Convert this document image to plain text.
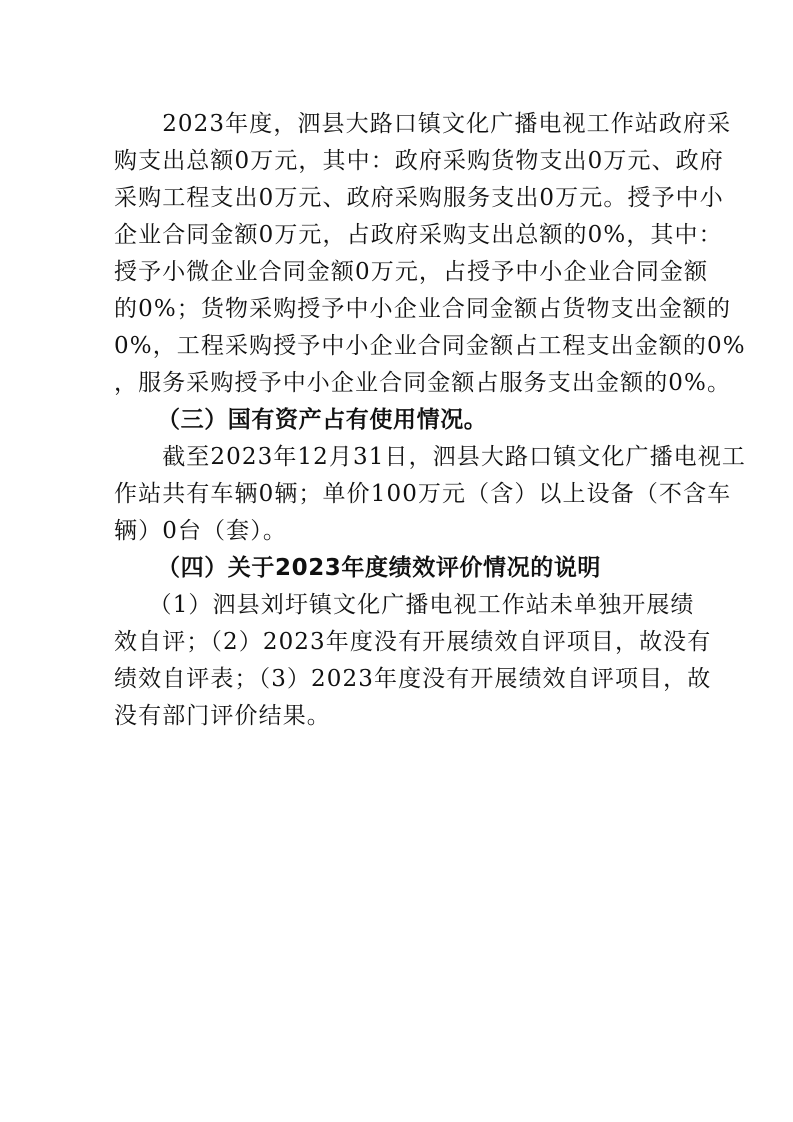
　　2023年度，泗县大路口镇文化广播电视工作站政府采
购支出总额0万元，其中：政府采购货物支出0万元、政府
采购工程支出0万元、政府采购服务支出0万元。授予中小
企业合同金额0万元，占政府采购支出总额的0%，其中：
授予小微企业合同金额0万元，占授予中小企业合同金额
的0%；货物采购授予中小企业合同金额占货物支出金额的
0%，工程采购授予中小企业合同金额占工程支出金额的0%
，服务采购授予中小企业合同金额占服务支出金额的0%。
（三）国有资产占有使用情况。
　　截至2023年12月31日，泗县大路口镇文化广播电视工
作站共有车辆0辆；单价100万元（含）以上设备（不含车
辆）0台（套）。
（四）关于2023年度绩效评价情况的说明
　（1）泗县刘圩镇文化广播电视工作站未单独开展绩
效自评；（2）2023年度没有开展绩效自评项目，故没有
绩效自评表；（3）2023年度没有开展绩效自评项目，故
没有部门评价结果。
